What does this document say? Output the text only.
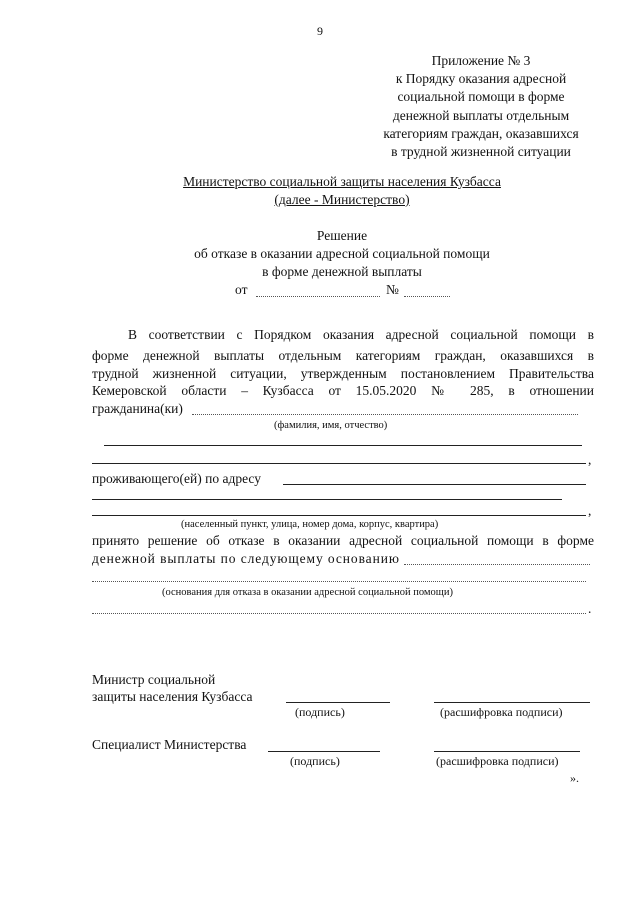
9
Приложение № 3
к Порядку оказания адресной
социальной помощи в форме
денежной выплаты отдельным
категориям граждан, оказавшихся
в трудной жизненной ситуации
Министерство социальной защиты населения Кузбасса
(далее - Министерство)
Решение
об отказе в оказании адресной социальной помощи
в форме денежной выплаты
от	№
В соответствии с Порядком оказания адресной социальной помощи в
форме денежной выплаты отдельным категориям граждан, оказавшихся в
трудной жизненной ситуации, утвержденным постановлением Правительства
Кемеровской области – Кузбасса от 15.05.2020 № 285, в отношении
гражданина(ки)
(фамилия, имя, отчество)
,
проживающего(ей) по адресу
,
(населенный пункт, улица, номер дома, корпус, квартира)
принято решение об отказе в оказании адресной социальной помощи в форме
денежной выплаты по следующему основанию
(основания для отказа в оказании адресной социальной помощи)
.
Министр социальной
защиты населения Кузбасса
(подпись)	(расшифровка подписи)
Специалист Министерства
(подпись)	(расшифровка подписи)
».
